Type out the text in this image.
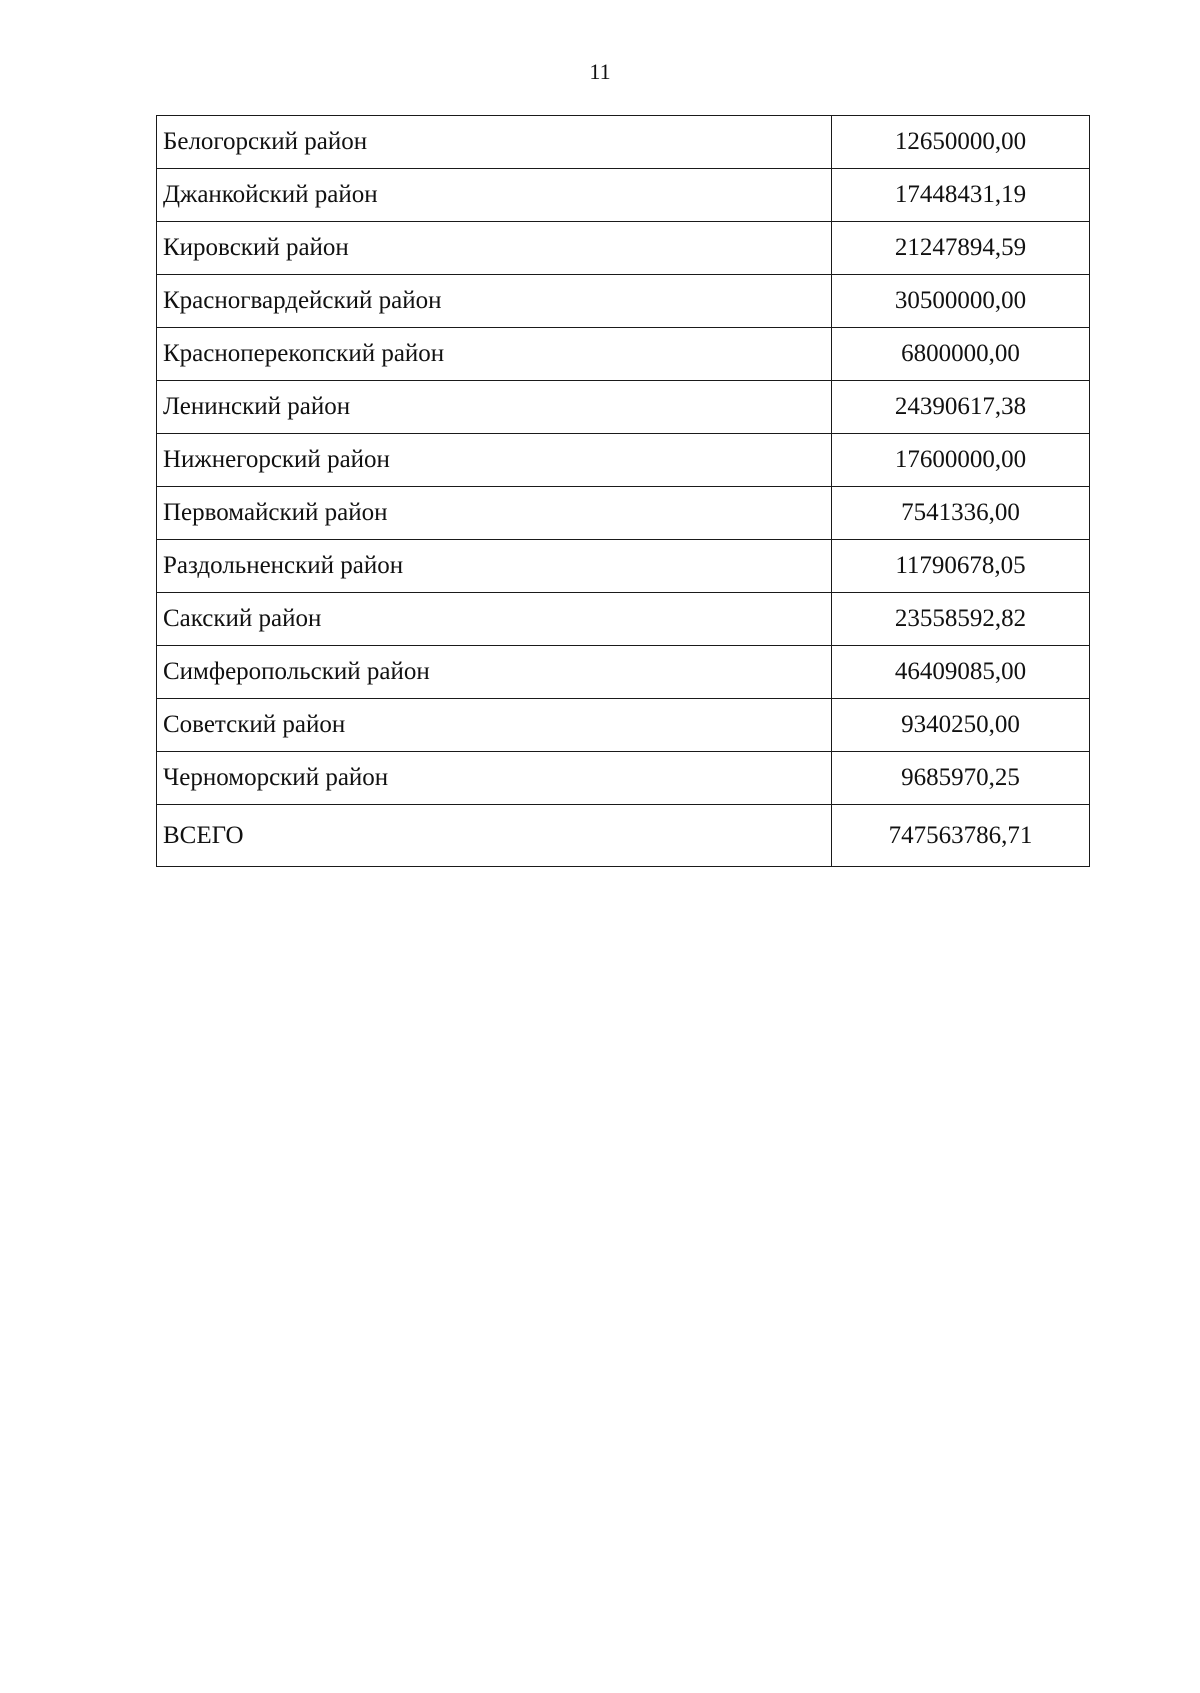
11
Белогорский район	12650000,00
Джанкойский район	17448431,19
Кировский район	21247894,59
Красногвардейский район	30500000,00
Красноперекопский район	6800000,00
Ленинский район	24390617,38
Нижнегорский район	17600000,00
Первомайский район	7541336,00
Раздольненский район	11790678,05
Сакский район	23558592,82
Симферопольский район	46409085,00
Советский район	9340250,00
Черноморский район	9685970,25
ВСЕГО	747563786,71
